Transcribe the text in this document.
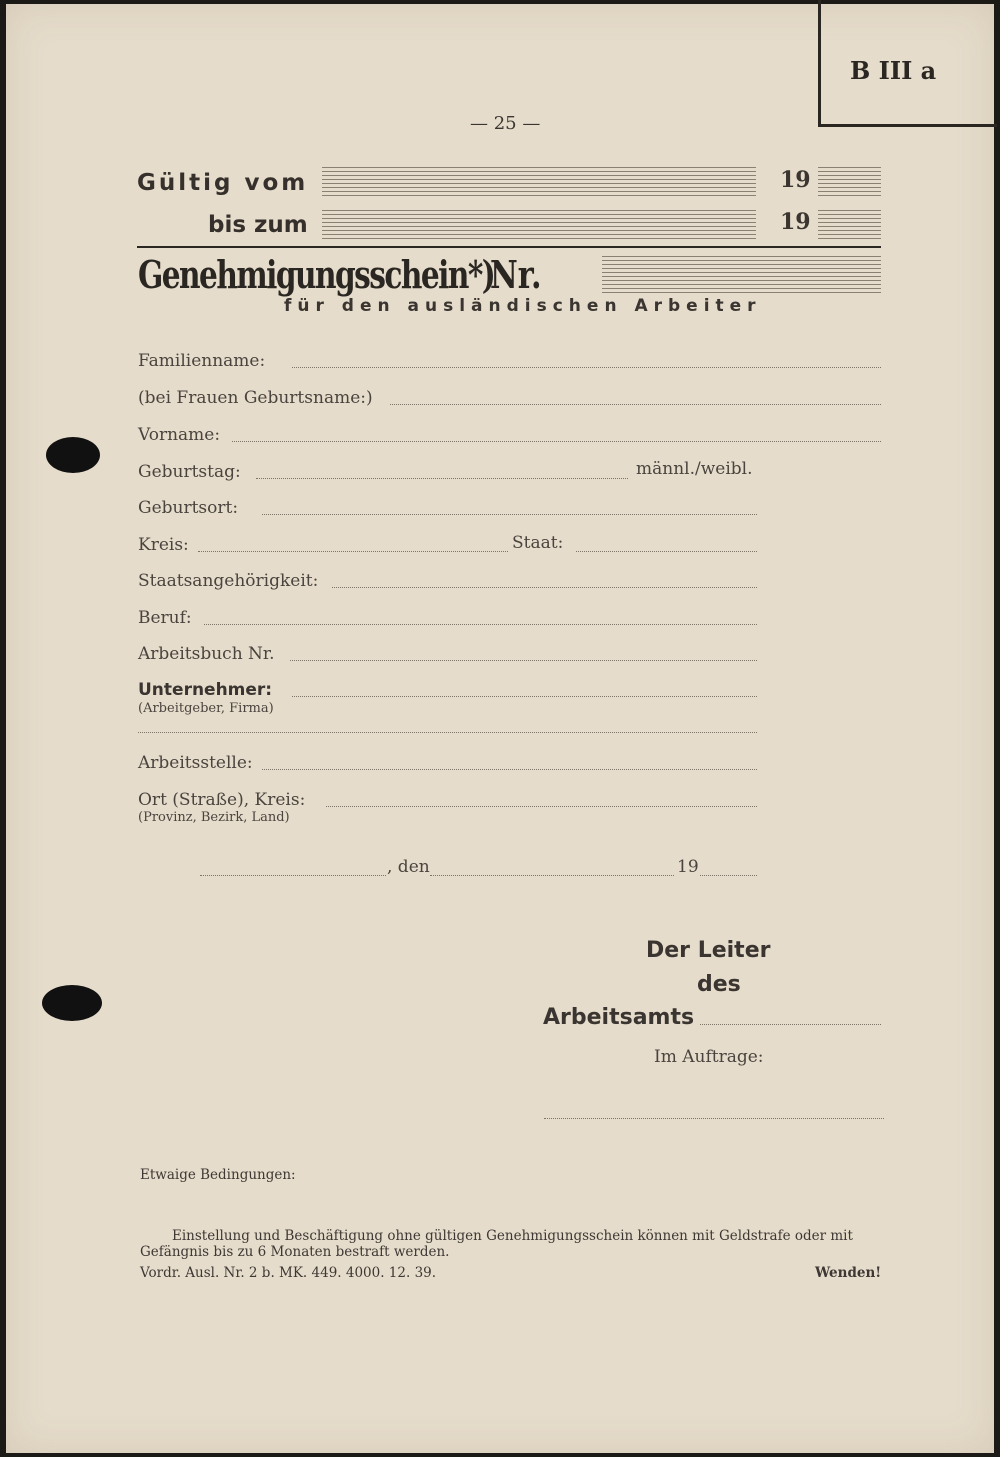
B III a
— 25 —
Gültig vom	19
bis zum	19
Genehmigungsschein*)
Nr.
für den ausländischen Arbeiter
Familienname:
(bei Frauen Geburtsname:)
Vorname:
Geburtstag:	männl./weibl.
Geburtsort:
Kreis:	Staat:
Staatsangehörigkeit:
Beruf:
Arbeitsbuch Nr.
Unternehmer:
(Arbeitgeber, Firma)
Arbeitsstelle:
Ort (Straße), Kreis:
(Provinz, Bezirk, Land)
, den	19
Der Leiter
des
Arbeitsamts
Im Auftrage:
Etwaige Bedingungen:
Einstellung und Beschäftigung ohne gültigen Genehmigungsschein können mit Geldstrafe oder mit
Gefängnis bis zu 6 Monaten bestraft werden.
Vordr. Ausl. Nr. 2 b. MK. 449. 4000. 12. 39.	Wenden!
